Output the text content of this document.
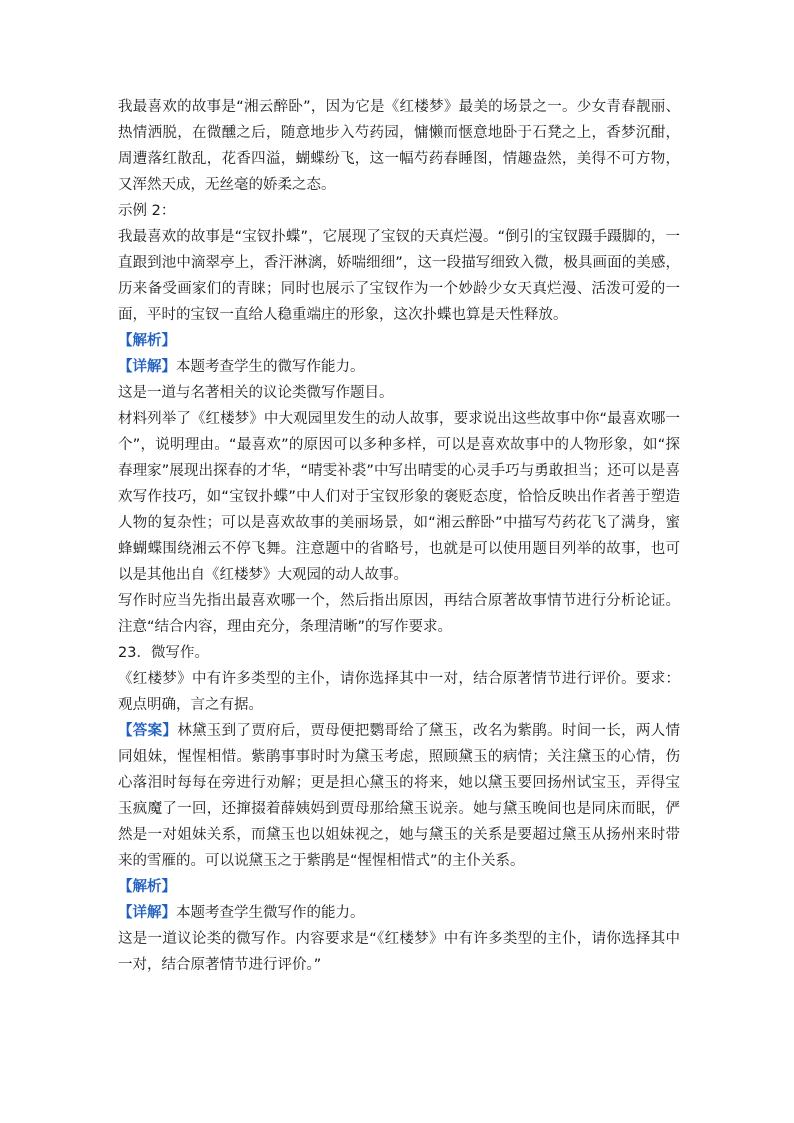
我最喜欢的故事是“湘云醉卧”，因为它是《红楼梦》最美的场景之一。少女青春靓丽、热情洒脱，在微醺之后，随意地步入芍药园，慵懒而惬意地卧于石凳之上，香梦沉酣，周遭落红散乱，花香四溢，蝴蝶纷飞，这一幅芍药春睡图，情趣盎然，美得不可方物，又浑然天成，无丝毫的娇柔之态。

示例 2：

我最喜欢的故事是“宝钗扑蝶”，它展现了宝钗的天真烂漫。“倒引的宝钗蹑手蹑脚的，一直跟到池中滴翠亭上，香汗淋漓，娇喘细细”，这一段描写细致入微，极具画面的美感，历来备受画家们的青睐；同时也展示了宝钗作为一个妙龄少女天真烂漫、活泼可爱的一面，平时的宝钗一直给人稳重端庄的形象，这次扑蝶也算是天性释放。

【解析】

【详解】本题考查学生的微写作能力。

这是一道与名著相关的议论类微写作题目。

材料列举了《红楼梦》中大观园里发生的动人故事，要求说出这些故事中你“最喜欢哪一个”，说明理由。“最喜欢”的原因可以多种多样，可以是喜欢故事中的人物形象，如“探春理家”展现出探春的才华，“晴雯补裘”中写出晴雯的心灵手巧与勇敢担当；还可以是喜欢写作技巧，如“宝钗扑蝶”中人们对于宝钗形象的褒贬态度，恰恰反映出作者善于塑造人物的复杂性；可以是喜欢故事的美丽场景，如“湘云醉卧”中描写芍药花飞了满身，蜜蜂蝴蝶围绕湘云不停飞舞。注意题中的省略号，也就是可以使用题目列举的故事，也可以是其他出自《红楼梦》大观园的动人故事。

写作时应当先指出最喜欢哪一个，然后指出原因，再结合原著故事情节进行分析论证。注意“结合内容，理由充分，条理清晰”的写作要求。

23．微写作。

《红楼梦》中有许多类型的主仆，请你选择其中一对，结合原著情节进行评价。要求：观点明确，言之有据。

【答案】林黛玉到了贾府后，贾母便把鹦哥给了黛玉，改名为紫鹃。时间一长，两人情同姐妹，惺惺相惜。紫鹃事事时时为黛玉考虑，照顾黛玉的病情；关注黛玉的心情，伤心落泪时每每在旁进行劝解；更是担心黛玉的将来，她以黛玉要回扬州试宝玉，弄得宝玉疯魔了一回，还撺掇着薛姨妈到贾母那给黛玉说亲。她与黛玉晚间也是同床而眠，俨然是一对姐妹关系，而黛玉也以姐妹视之，她与黛玉的关系是要超过黛玉从扬州来时带来的雪雁的。可以说黛玉之于紫鹃是“惺惺相惜式”的主仆关系。

【解析】

【详解】本题考查学生微写作的能力。

这是一道议论类的微写作。内容要求是“《红楼梦》中有许多类型的主仆，请你选择其中一对，结合原著情节进行评价。”
